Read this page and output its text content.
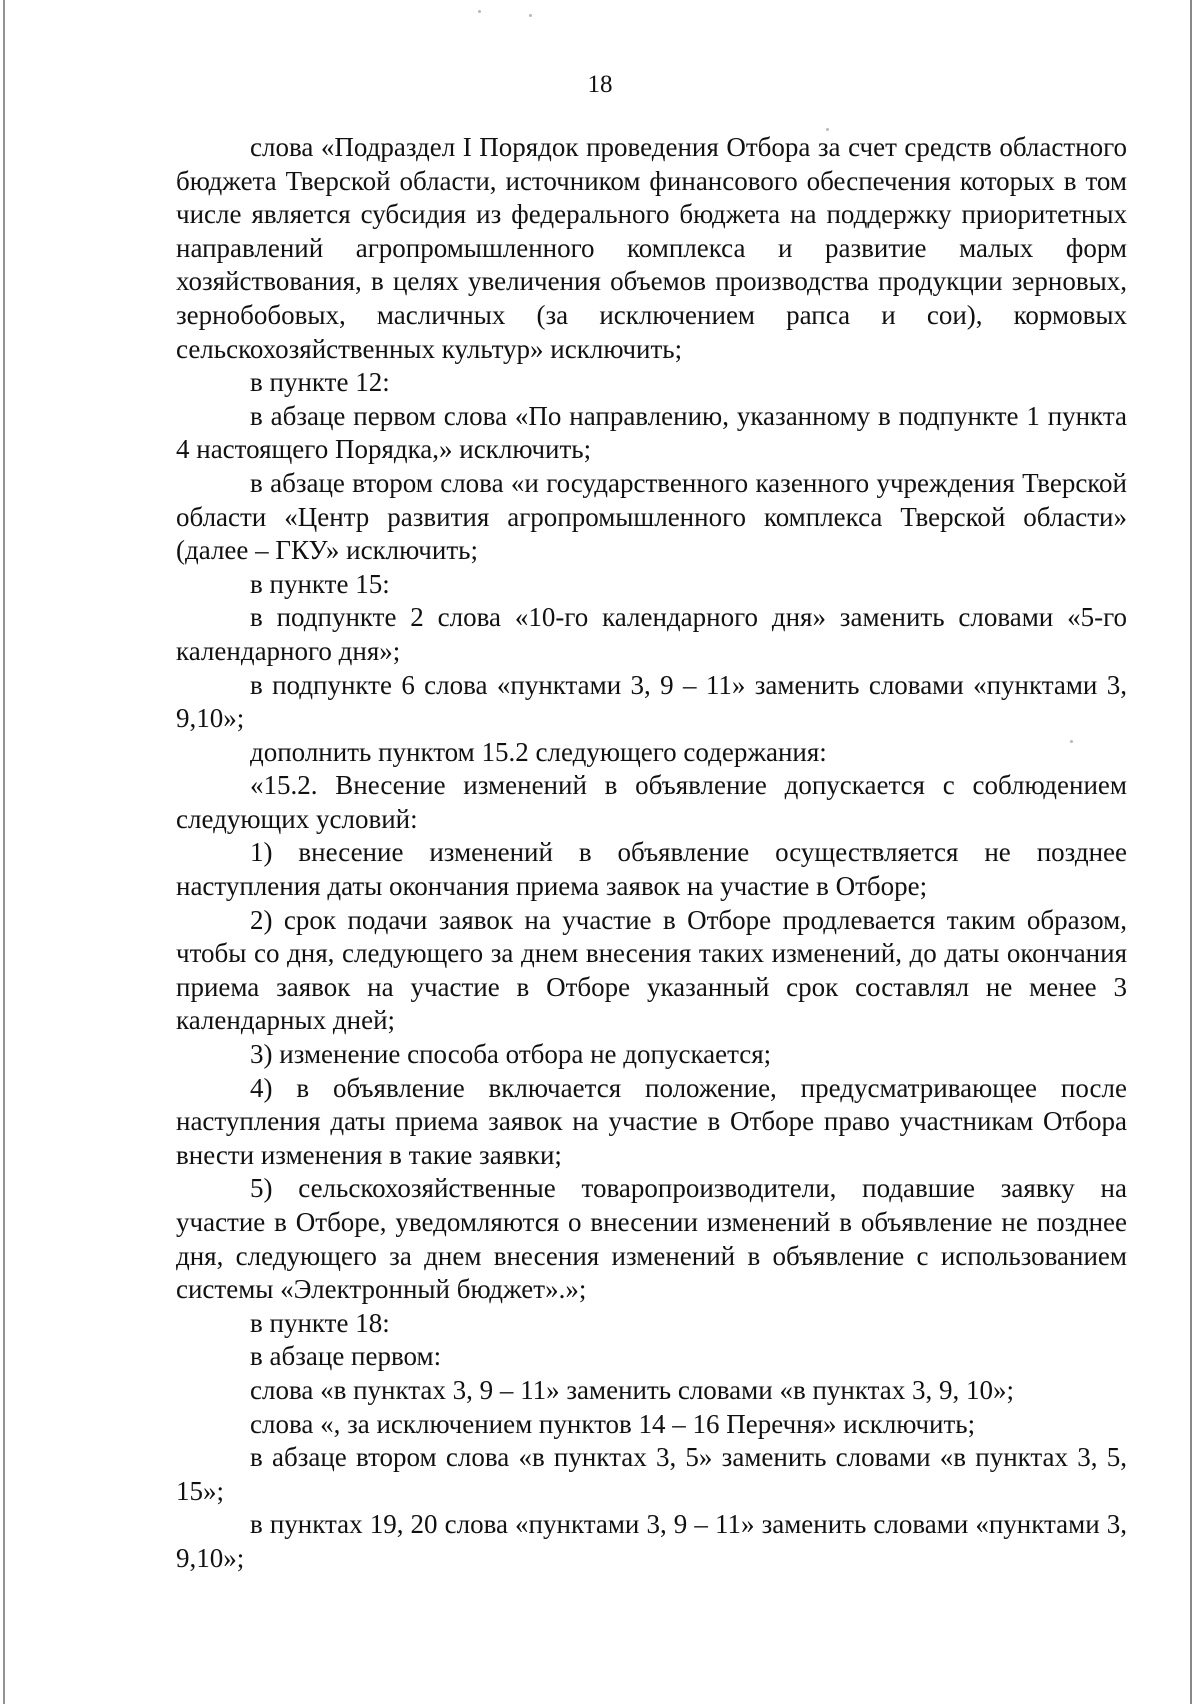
18

слова «Подраздел I Порядок проведения Отбора за счет средств областного бюджета Тверской области, источником финансового обеспечения которых в том числе является субсидия из федерального бюджета на поддержку приоритетных направлений агропромышленного комплекса и развитие малых форм хозяйствования, в целях увеличения объемов производства продукции зерновых, зернобобовых, масличных (за исключением рапса и сои), кормовых сельскохозяйственных культур» исключить;

в пункте 12:

в абзаце первом слова «По направлению, указанному в подпункте 1 пункта 4 настоящего Порядка,» исключить;

в абзаце втором слова «и государственного казенного учреждения Тверской области «Центр развития агропромышленного комплекса Тверской области» (далее – ГКУ» исключить;

в пункте 15:

в подпункте 2 слова «10-го календарного дня» заменить словами «5-го календарного дня»;

в подпункте 6 слова «пунктами 3, 9 – 11» заменить словами «пунктами 3, 9,10»;

дополнить пунктом 15.2 следующего содержания:

«15.2. Внесение изменений в объявление допускается с соблюдением следующих условий:

1) внесение изменений в объявление осуществляется не позднее наступления даты окончания приема заявок на участие в Отборе;

2) срок подачи заявок на участие в Отборе продлевается таким образом, чтобы со дня, следующего за днем внесения таких изменений, до даты окончания приема заявок на участие в Отборе указанный срок составлял не менее 3 календарных дней;

3) изменение способа отбора не допускается;

4) в объявление включается положение, предусматривающее после наступления даты приема заявок на участие в Отборе право участникам Отбора внести изменения в такие заявки;

5) сельскохозяйственные товаропроизводители, подавшие заявку на участие в Отборе, уведомляются о внесении изменений в объявление не позднее дня, следующего за днем внесения изменений в объявление с использованием системы «Электронный бюджет».»;

в пункте 18:

в абзаце первом:

слова «в пунктах 3, 9 – 11» заменить словами «в пунктах 3, 9, 10»;

слова «, за исключением пунктов 14 – 16 Перечня» исключить;

в абзаце втором слова «в пунктах 3, 5» заменить словами «в пунктах 3, 5, 15»;

в пунктах 19, 20 слова «пунктами 3, 9 – 11» заменить словами «пунктами 3, 9,10»;
